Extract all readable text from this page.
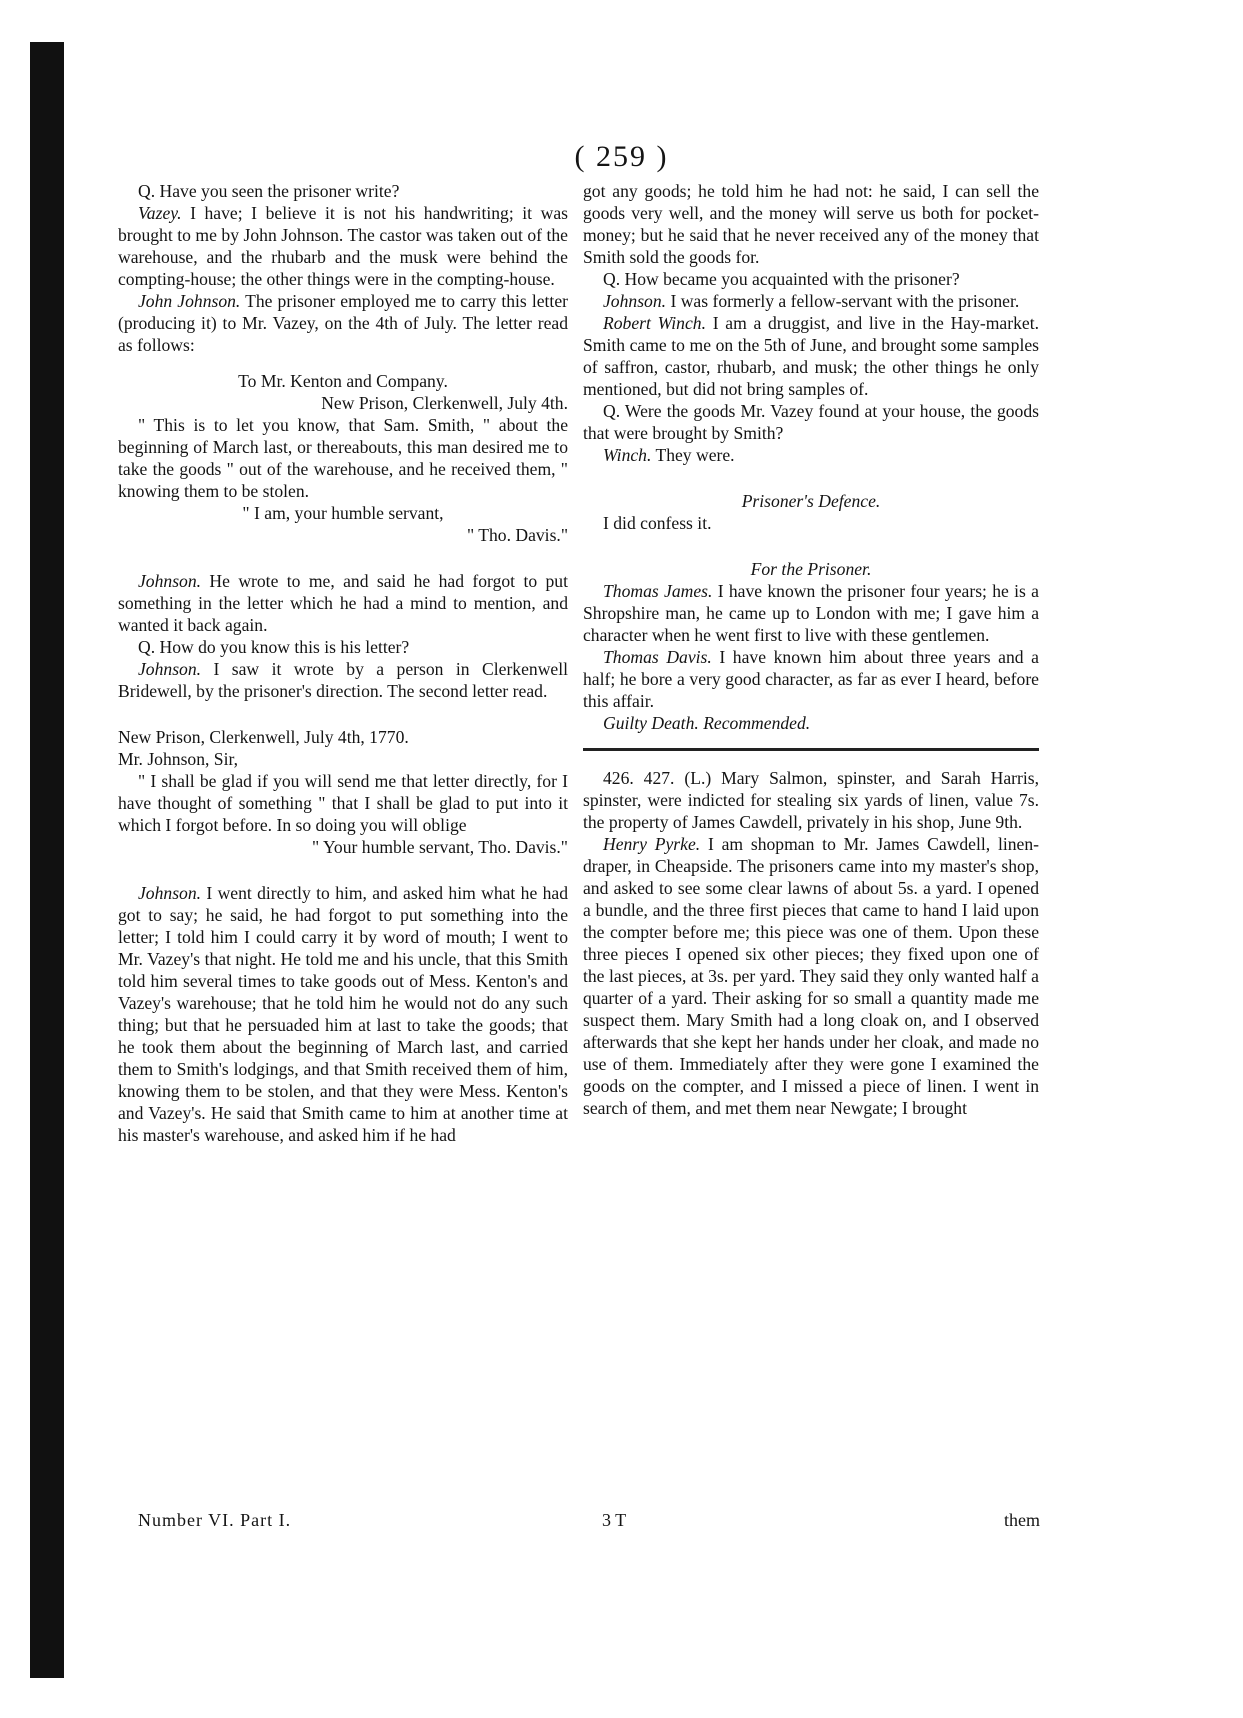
( 259 )

Q. Have you seen the prisoner write?

Vazey. I have; I believe it is not his handwriting; it was brought to me by John Johnson. The castor was taken out of the warehouse, and the rhubarb and the musk were behind the compting-house; the other things were in the compting-house.

John Johnson. The prisoner employed me to carry this letter (producing it) to Mr. Vazey, on the 4th of July. The letter read as follows:

To Mr. Kenton and Company.

New Prison, Clerkenwell, July 4th.

" This is to let you know, that Sam. Smith, " about the beginning of March last, or thereabouts, this man desired me to take the goods " out of the warehouse, and he received them, " knowing them to be stolen.

" I am, your humble servant,

" Tho. Davis."

Johnson. He wrote to me, and said he had forgot to put something in the letter which he had a mind to mention, and wanted it back again.

Q. How do you know this is his letter?

Johnson. I saw it wrote by a person in Clerkenwell Bridewell, by the prisoner's direction. The second letter read.

New Prison, Clerkenwell, July 4th, 1770.

Mr. Johnson, Sir,

" I shall be glad if you will send me that letter directly, for I have thought of something " that I shall be glad to put into it which I forgot before. In so doing you will oblige

" Your humble servant, Tho. Davis."

Johnson. I went directly to him, and asked him what he had got to say; he said, he had forgot to put something into the letter; I told him I could carry it by word of mouth; I went to Mr. Vazey's that night. He told me and his uncle, that this Smith told him several times to take goods out of Mess. Kenton's and Vazey's warehouse; that he told him he would not do any such thing; but that he persuaded him at last to take the goods; that he took them about the beginning of March last, and carried them to Smith's lodgings, and that Smith received them of him, knowing them to be stolen, and that they were Mess. Kenton's and Vazey's. He said that Smith came to him at another time at his master's warehouse, and asked him if he had

got any goods; he told him he had not: he said, I can sell the goods very well, and the money will serve us both for pocket-money; but he said that he never received any of the money that Smith sold the goods for.

Q. How became you acquainted with the prisoner?

Johnson. I was formerly a fellow-servant with the prisoner.

Robert Winch. I am a druggist, and live in the Hay-market. Smith came to me on the 5th of June, and brought some samples of saffron, castor, rhubarb, and musk; the other things he only mentioned, but did not bring samples of.

Q. Were the goods Mr. Vazey found at your house, the goods that were brought by Smith?

Winch. They were.

Prisoner's Defence.

I did confess it.

For the Prisoner.

Thomas James. I have known the prisoner four years; he is a Shropshire man, he came up to London with me; I gave him a character when he went first to live with these gentlemen.

Thomas Davis. I have known him about three years and a half; he bore a very good character, as far as ever I heard, before this affair.

Guilty Death. Recommended.

426. 427. (L.) Mary Salmon, spinster, and Sarah Harris, spinster, were indicted for stealing six yards of linen, value 7s. the property of James Cawdell, privately in his shop, June 9th.

Henry Pyrke. I am shopman to Mr. James Cawdell, linen-draper, in Cheapside. The prisoners came into my master's shop, and asked to see some clear lawns of about 5s. a yard. I opened a bundle, and the three first pieces that came to hand I laid upon the compter before me; this piece was one of them. Upon these three pieces I opened six other pieces; they fixed upon one of the last pieces, at 3s. per yard. They said they only wanted half a quarter of a yard. Their asking for so small a quantity made me suspect them. Mary Smith had a long cloak on, and I observed afterwards that she kept her hands under her cloak, and made no use of them. Immediately after they were gone I examined the goods on the compter, and I missed a piece of linen. I went in search of them, and met them near Newgate; I brought

Number VI. Part I.	3 T	them
